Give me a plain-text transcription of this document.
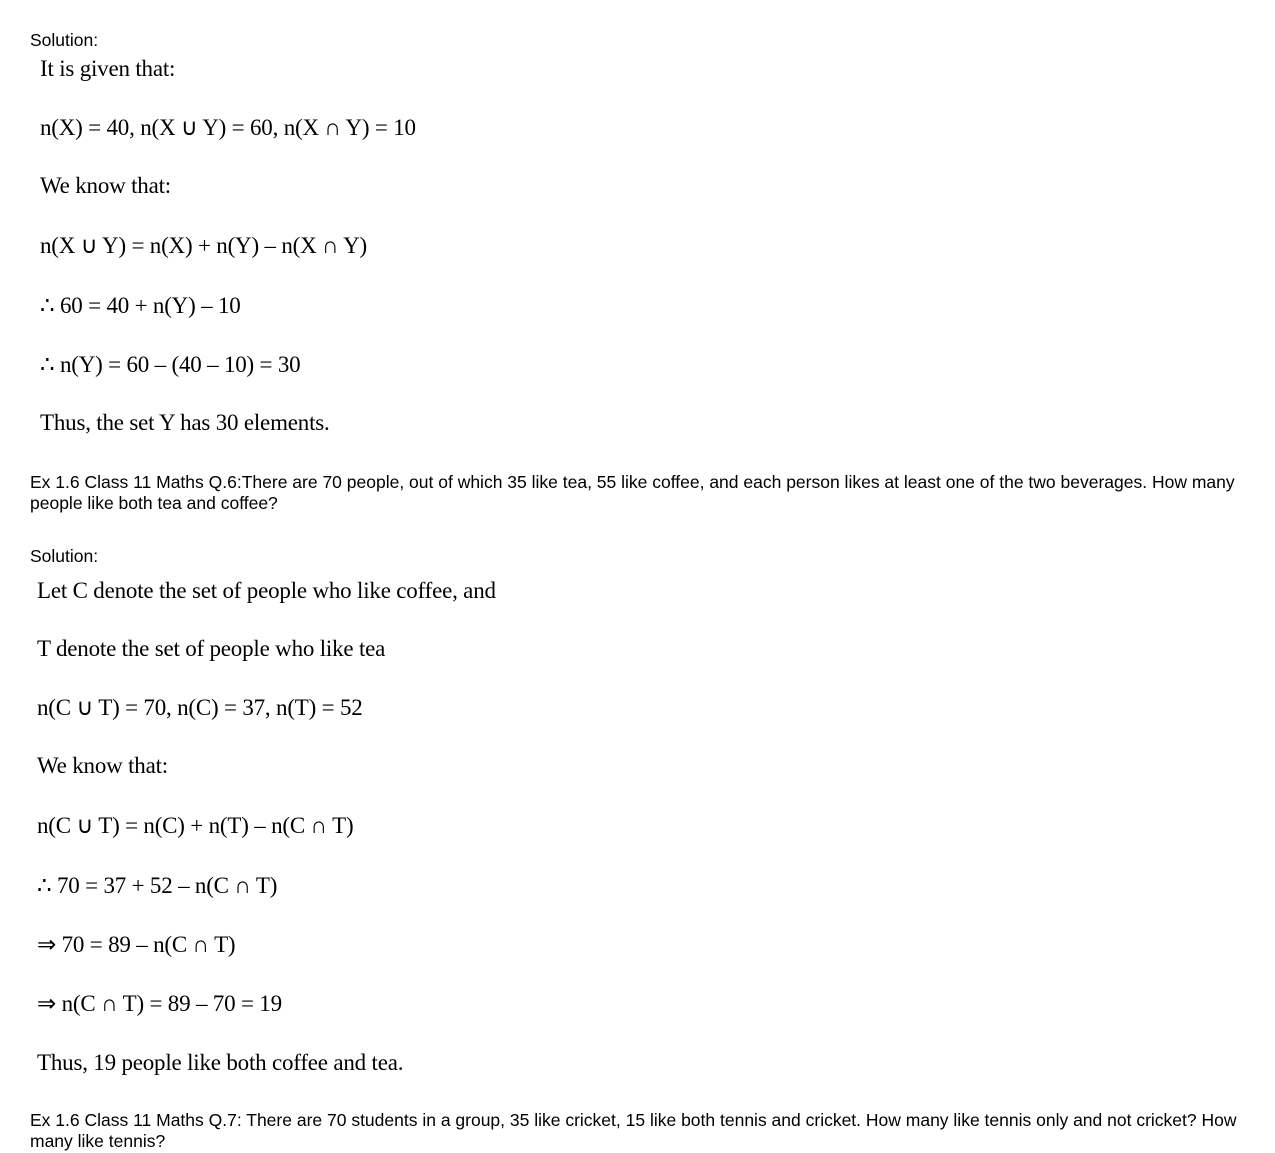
Solution:

It is given that:

n(X) = 40, n(X ∪ Y) = 60, n(X ∩ Y) = 10

We know that:

n(X ∪ Y) = n(X) + n(Y) – n(X ∩ Y)

∴ 60 = 40 + n(Y) – 10

∴ n(Y) = 60 – (40 – 10) = 30

Thus, the set Y has 30 elements.

Ex 1.6 Class 11 Maths Q.6:There are 70 people, out of which 35 like tea, 55 like coffee, and each person likes at least one of the two beverages. How many people like both tea and coffee?

Solution:

Let C denote the set of people who like coffee, and

T denote the set of people who like tea

n(C ∪ T) = 70, n(C) = 37, n(T) = 52

We know that:

n(C ∪ T) = n(C) + n(T) – n(C ∩ T)

∴ 70 = 37 + 52 – n(C ∩ T)

⇒ 70 = 89 – n(C ∩ T)

⇒ n(C ∩ T) = 89 – 70 = 19

Thus, 19 people like both coffee and tea.

Ex 1.6 Class 11 Maths Q.7: There are 70 students in a group, 35 like cricket, 15 like both tennis and cricket. How many like tennis only and not cricket? How many like tennis?
